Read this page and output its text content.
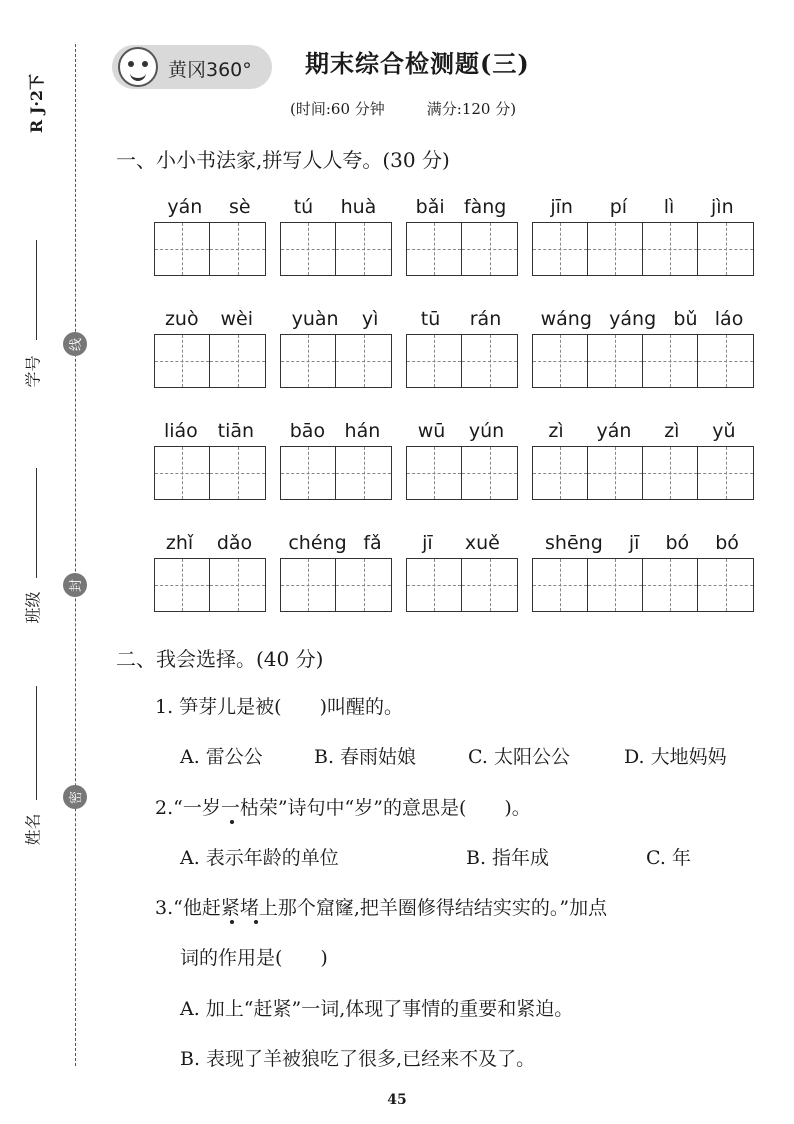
R J·2下
学号
班级
姓名
线
封
密
黄冈360° 期末综合检测题(三)
(时间:60 分钟	满分:120 分)
一、小小书法家,拼写人人夸。(30 分)
yán sè tú huà bǎi fàng jīn pí lì jìn
zuò wèi yuàn yì tū rán wáng yáng bǔ láo
liáo tiān bāo hán wū yún zì yán zì yǔ
zhǐ dǎo chéng fǎ jī xuě shēng jī bó bó
二、我会选择。(40 分)
1. 笋芽儿是被(　　)叫醒的。
A. 雷公公	B. 春雨姑娘	C. 太阳公公	D. 大地妈妈
2.“一岁一枯荣”诗句中“岁”的意思是(　　)。
A. 表示年龄的单位	B. 指年成	C. 年
3.“他赶紧堵上那个窟窿,把羊圈修得结结实实的。”加点
词的作用是(　　)
A. 加上“赶紧”一词,体现了事情的重要和紧迫。
B. 表现了羊被狼吃了很多,已经来不及了。
45
